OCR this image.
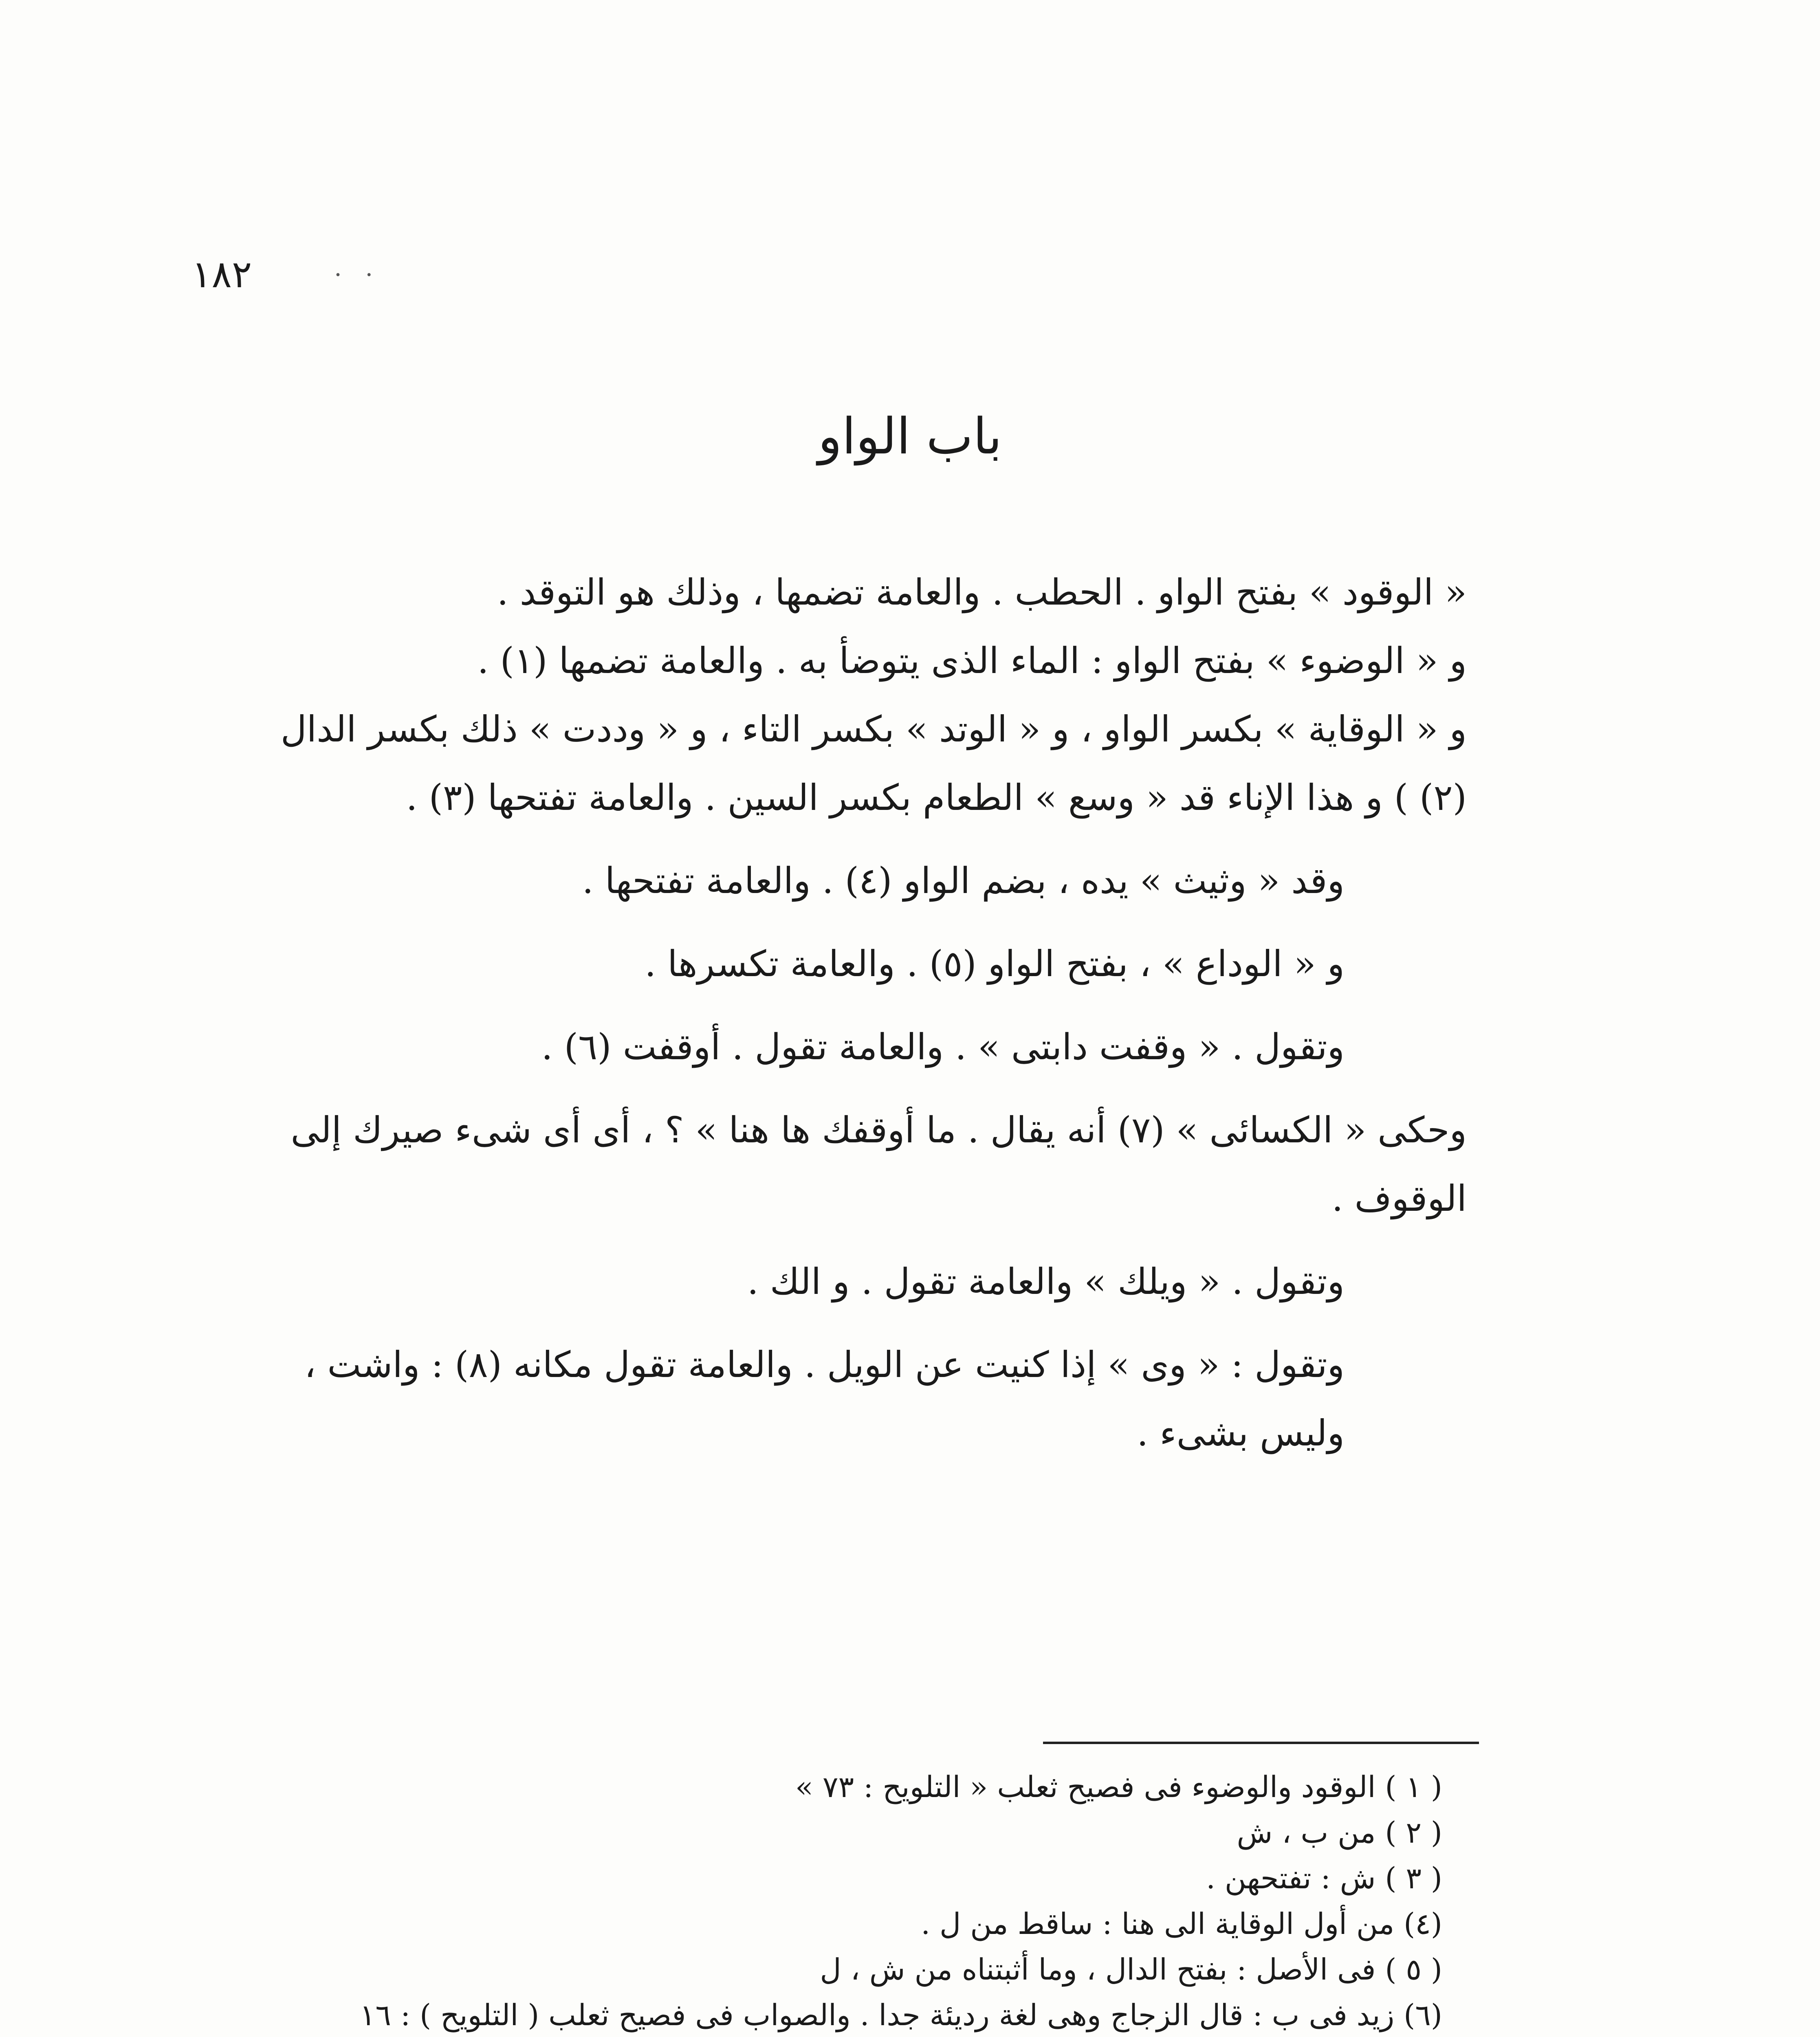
١٨٢	·   ·
باب الواو

« الوقود » بفتح الواو . الحطب . والعامة تضمها ، وذلك هو التوقد .

و « الوضوء » بفتح الواو : الماء الذى يتوضأ به . والعامة تضمها (١) .

و « الوقاية » بكسر الواو ، و « الوتد » بكسر التاء ، و « وددت » ذلك بكسر الدال (٢) ) و هذا الإناء قد « وسع » الطعام بكسر السين . والعامة تفتحها (٣) .

وقد « وثيث » يده ، بضم الواو (٤) . والعامة تفتحها .

و « الوداع » ، بفتح الواو (٥) . والعامة تكسرها .

وتقول . « وقفت دابتى » . والعامة تقول . أوقفت (٦) .

وحكى « الكسائى » (٧) أنه يقال . ما أوقفك ها هنا » ؟ ، أى أى شىء صيرك إلى الوقوف .

وتقول . « ويلك » والعامة تقول . و الك .

وتقول : « وى » إذا كنيت عن الويل . والعامة تقول مكانه (٨) : واشت ، وليس بشىء .

( ١ ) الوقود والوضوء فى فصيح ثعلب « التلويح : ٧٣ »

( ٢ ) من ب ، ش

( ٣ ) ش : تفتحهن .

(٤) من أول الوقاية الى هنا : ساقط من ل .

( ٥ ) فى الأصل : بفتح الدال ، وما أثبتناه من ش ، ل

(٦) زيد فى ب : قال الزجاج وهى لغة رديئة جدا . والصواب فى فصيح ثعلب ( التلويح ) : ١٦
